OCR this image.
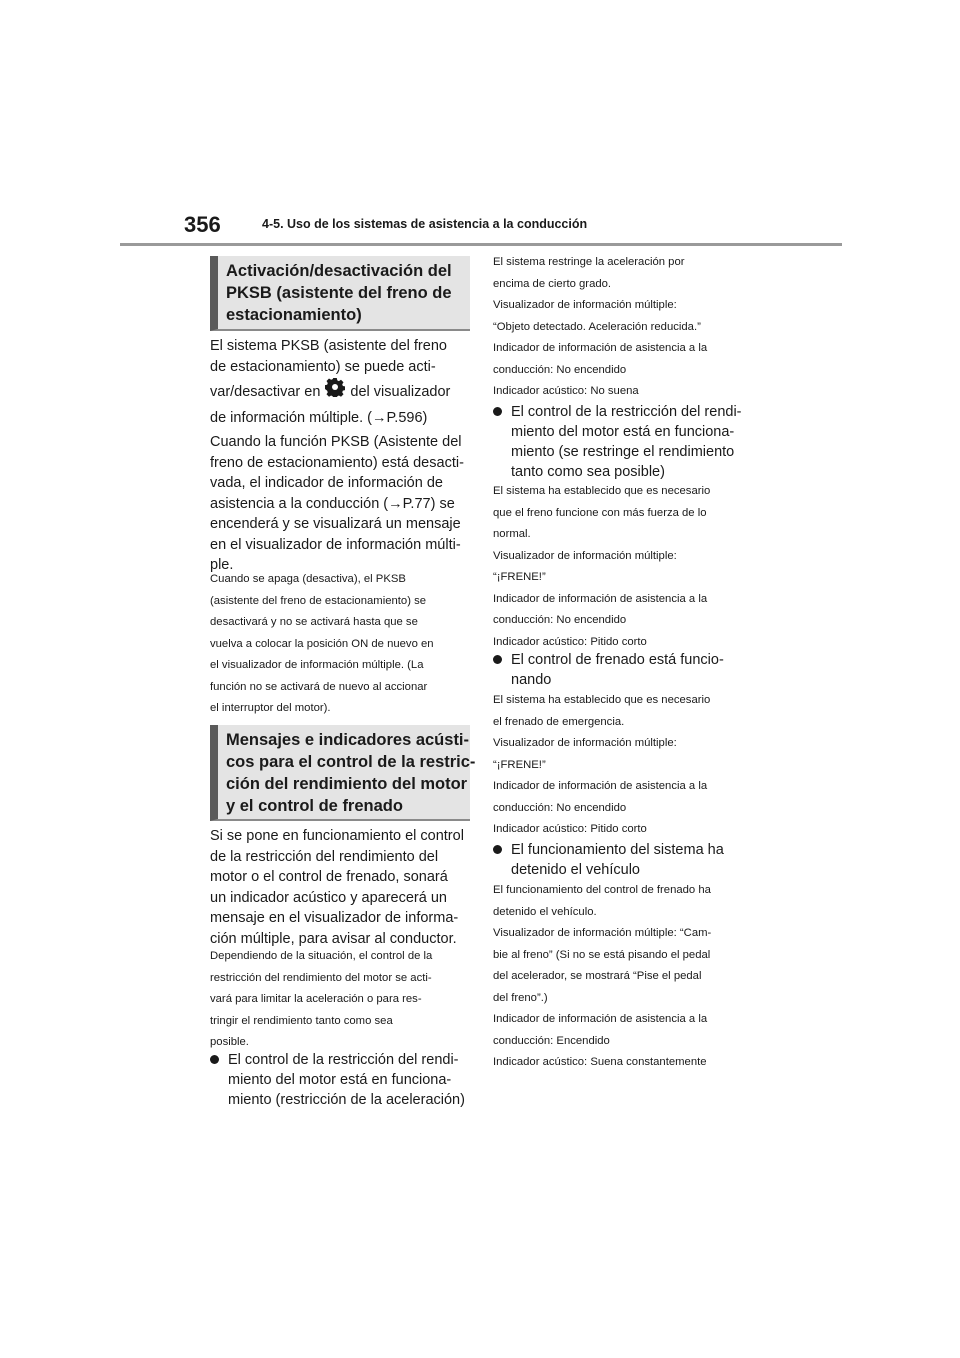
356	4-5. Uso de los sistemas de asistencia a la conducción
Activación/desactivación del
PKSB (asistente del freno de
estacionamiento)
El sistema PKSB (asistente del freno
de estacionamiento) se puede acti-
var/desactivar en del visualizador
de información múltiple. (→P.596)
Cuando la función PKSB (Asistente del
freno de estacionamiento) está desacti-
vada, el indicador de información de
asistencia a la conducción (→P.77) se
encenderá y se visualizará un mensaje
en el visualizador de información múlti-
ple.
Cuando se apaga (desactiva), el PKSB
(asistente del freno de estacionamiento) se
desactivará y no se activará hasta que se
vuelva a colocar la posición ON de nuevo en
el visualizador de información múltiple. (La
función no se activará de nuevo al accionar
el interruptor del motor).
Mensajes e indicadores acústi-
cos para el control de la restric-
ción del rendimiento del motor
y el control de frenado
Si se pone en funcionamiento el control
de la restricción del rendimiento del
motor o el control de frenado, sonará
un indicador acústico y aparecerá un
mensaje en el visualizador de informa-
ción múltiple, para avisar al conductor.
Dependiendo de la situación, el control de la
restricción del rendimiento del motor se acti-
vará para limitar la aceleración o para res-
tringir el rendimiento tanto como sea
posible.
El control de la restricción del rendi-
miento del motor está en funciona-
miento (restricción de la aceleración)
El sistema restringe la aceleración por
encima de cierto grado.
Visualizador de información múltiple:
“Objeto detectado. Aceleración reducida.”
Indicador de información de asistencia a la
conducción: No encendido
Indicador acústico: No suena
El control de la restricción del rendi-
miento del motor está en funciona-
miento (se restringe el rendimiento
tanto como sea posible)
El sistema ha establecido que es necesario
que el freno funcione con más fuerza de lo
normal.
Visualizador de información múltiple:
“¡FRENE!”
Indicador de información de asistencia a la
conducción: No encendido
Indicador acústico: Pitido corto
El control de frenado está funcio-
nando
El sistema ha establecido que es necesario
el frenado de emergencia.
Visualizador de información múltiple:
“¡FRENE!”
Indicador de información de asistencia a la
conducción: No encendido
Indicador acústico: Pitido corto
El funcionamiento del sistema ha
detenido el vehículo
El funcionamiento del control de frenado ha
detenido el vehículo.
Visualizador de información múltiple: “Cam-
bie al freno” (Si no se está pisando el pedal
del acelerador, se mostrará “Pise el pedal
del freno”.)
Indicador de información de asistencia a la
conducción: Encendido
Indicador acústico: Suena constantemente
